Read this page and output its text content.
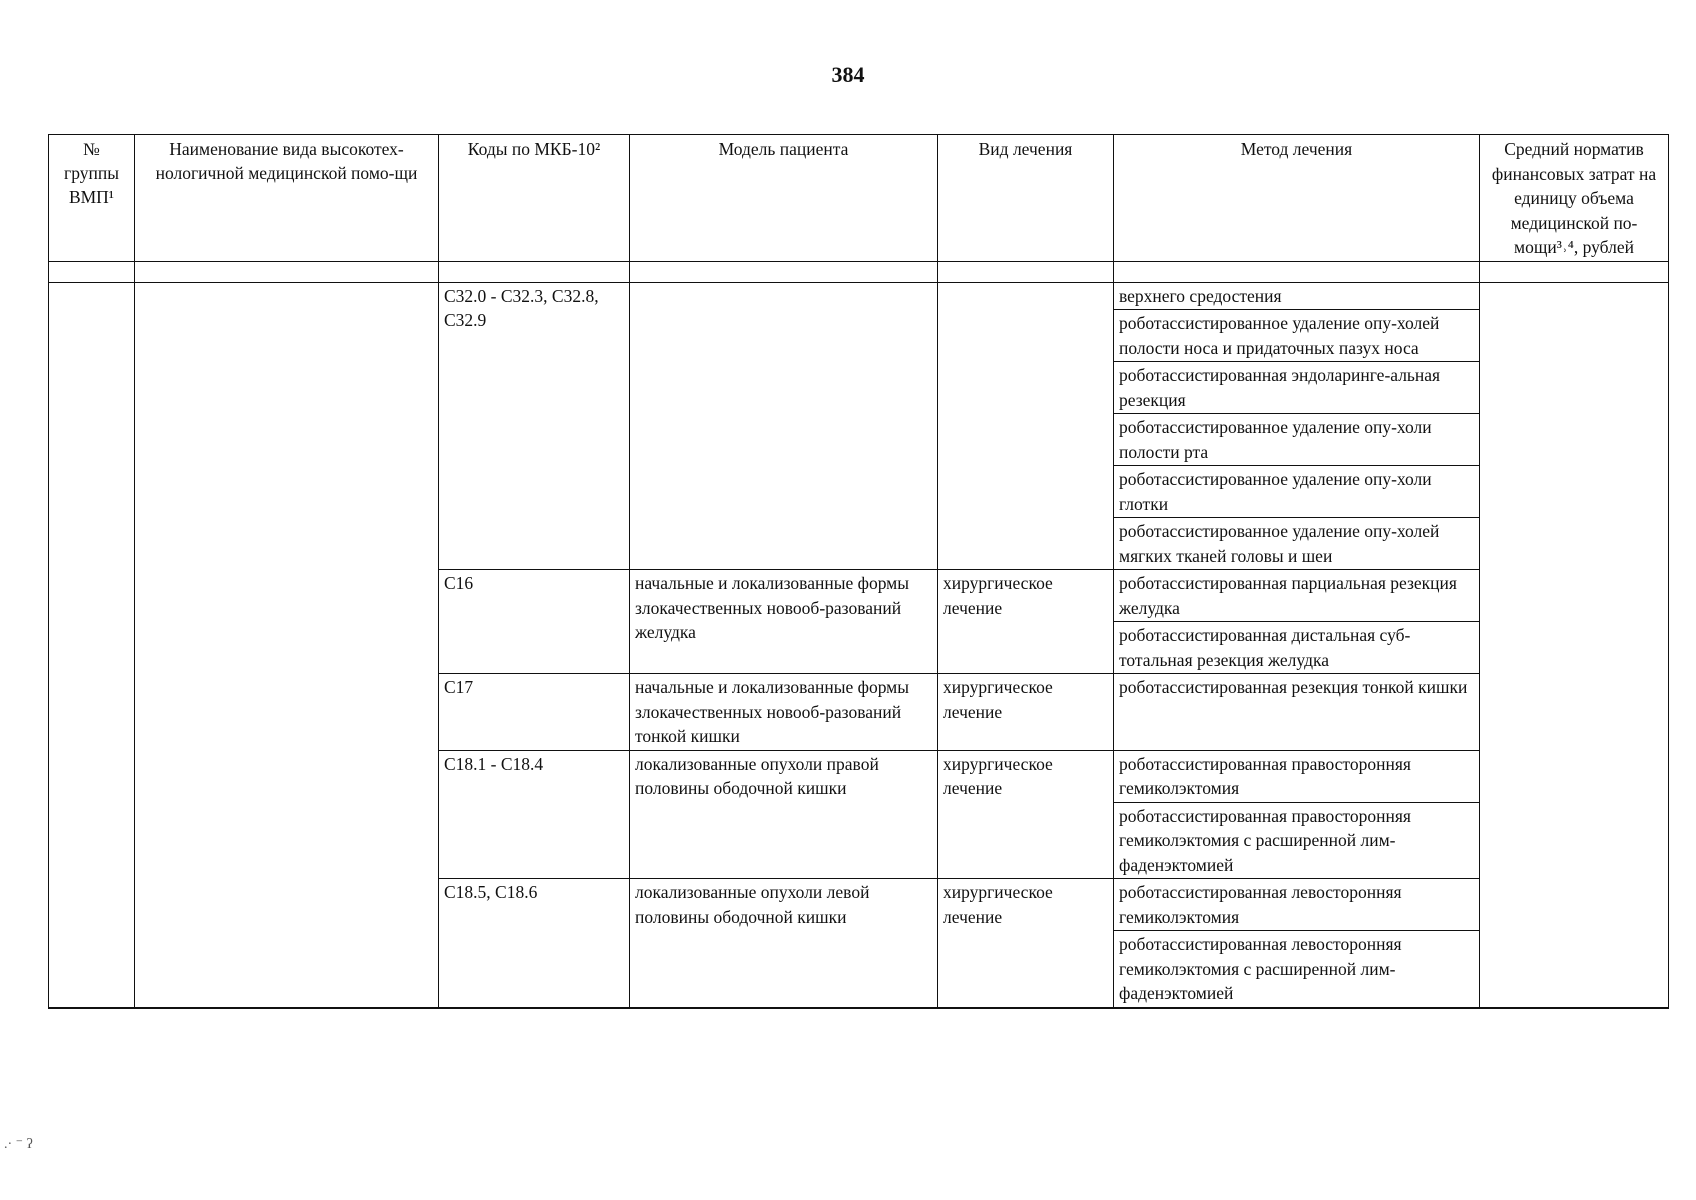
384
№ группы ВМП¹	Наименование вида высокотех-нологичной медицинской помо-щи	Коды по МКБ-10²	Модель пациента	Вид лечения	Метод лечения	Средний норматив финансовых затрат на единицу объема медицинской по-мощи³˒⁴, рублей

		C32.0 - C32.3, C32.8, C32.9			верхнего средостения	
					роботассистированное удаление опу-холей полости носа и придаточных пазух носа	
					роботассистированная эндоларинге-альная резекция	
					роботассистированное удаление опу-холи полости рта	
					роботассистированное удаление опу-холи глотки	
					роботассистированное удаление опу-холей мягких тканей головы и шеи	
		C16	начальные и локализованные формы злокачественных новооб-разований желудка	хирургическое лечение	роботассистированная парциальная резекция желудка	
					роботассистированная дистальная суб-тотальная резекция желудка	
		C17	начальные и локализованные формы злокачественных новооб-разований тонкой кишки	хирургическое лечение	роботассистированная резекция тонкой кишки	
		C18.1 - C18.4	локализованные опухоли правой половины ободочной кишки	хирургическое лечение	роботассистированная правосторонняя гемиколэктомия	
					роботассистированная правосторонняя гемиколэктомия с расширенной лим-фаденэктомией	
		C18.5, C18.6	локализованные опухоли левой половины ободочной кишки	хирургическое лечение	роботассистированная левосторонняя гемиколэктомия	
					роботассистированная левосторонняя гемиколэктомия с расширенной лим-фаденэктомией	
.· ⁻ ʔ
